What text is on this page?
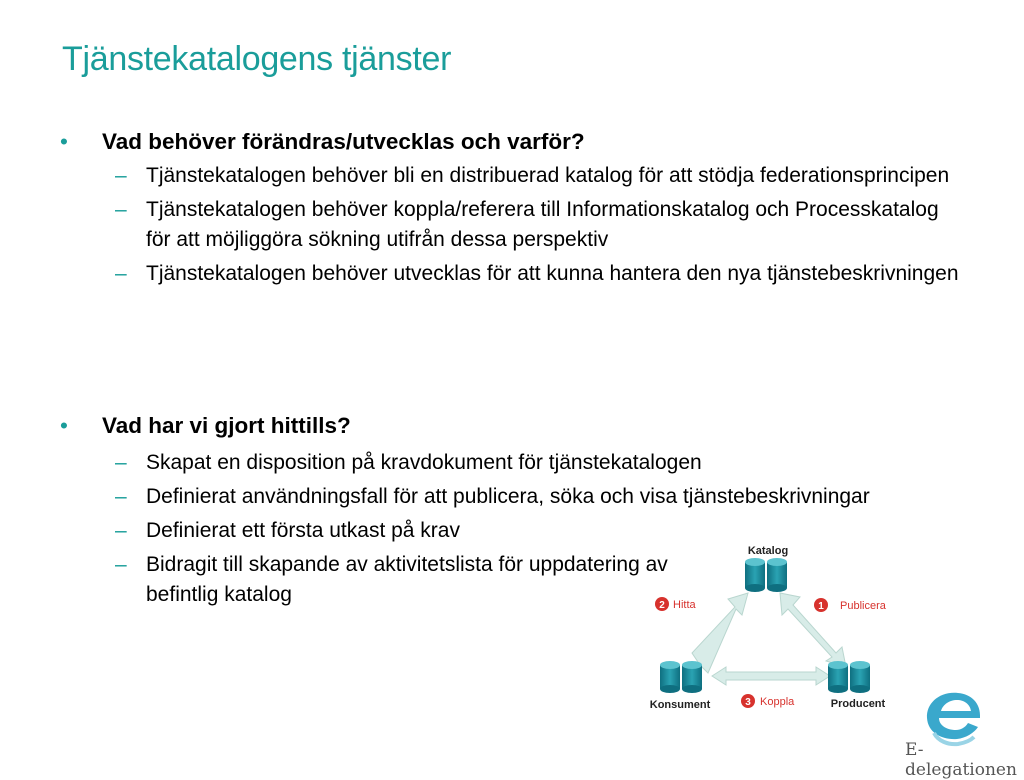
Tjänstekatalogens tjänster
• Vad behöver förändras/utvecklas och varför?
– Tjänstekatalogen behöver bli en distribuerad katalog för att stödja federationsprincipen
– Tjänstekatalogen behöver koppla/referera till Informationskatalog och Processkatalog för att möjliggöra sökning utifrån dessa perspektiv
– Tjänstekatalogen behöver utvecklas för att kunna hantera den nya tjänstebeskrivningen
• Vad har vi gjort hittills?
– Skapat en disposition på kravdokument för tjänstekatalogen
– Definierat användningsfall för att publicera, söka och visa tjänstebeskrivningar
– Definierat ett första utkast på krav
– Bidragit till skapande av aktivitetslista för uppdatering av befintlig katalog
Katalog
Konsument	Producent
2 Hitta	1 Publicera
3 Koppla
E-delegationen
